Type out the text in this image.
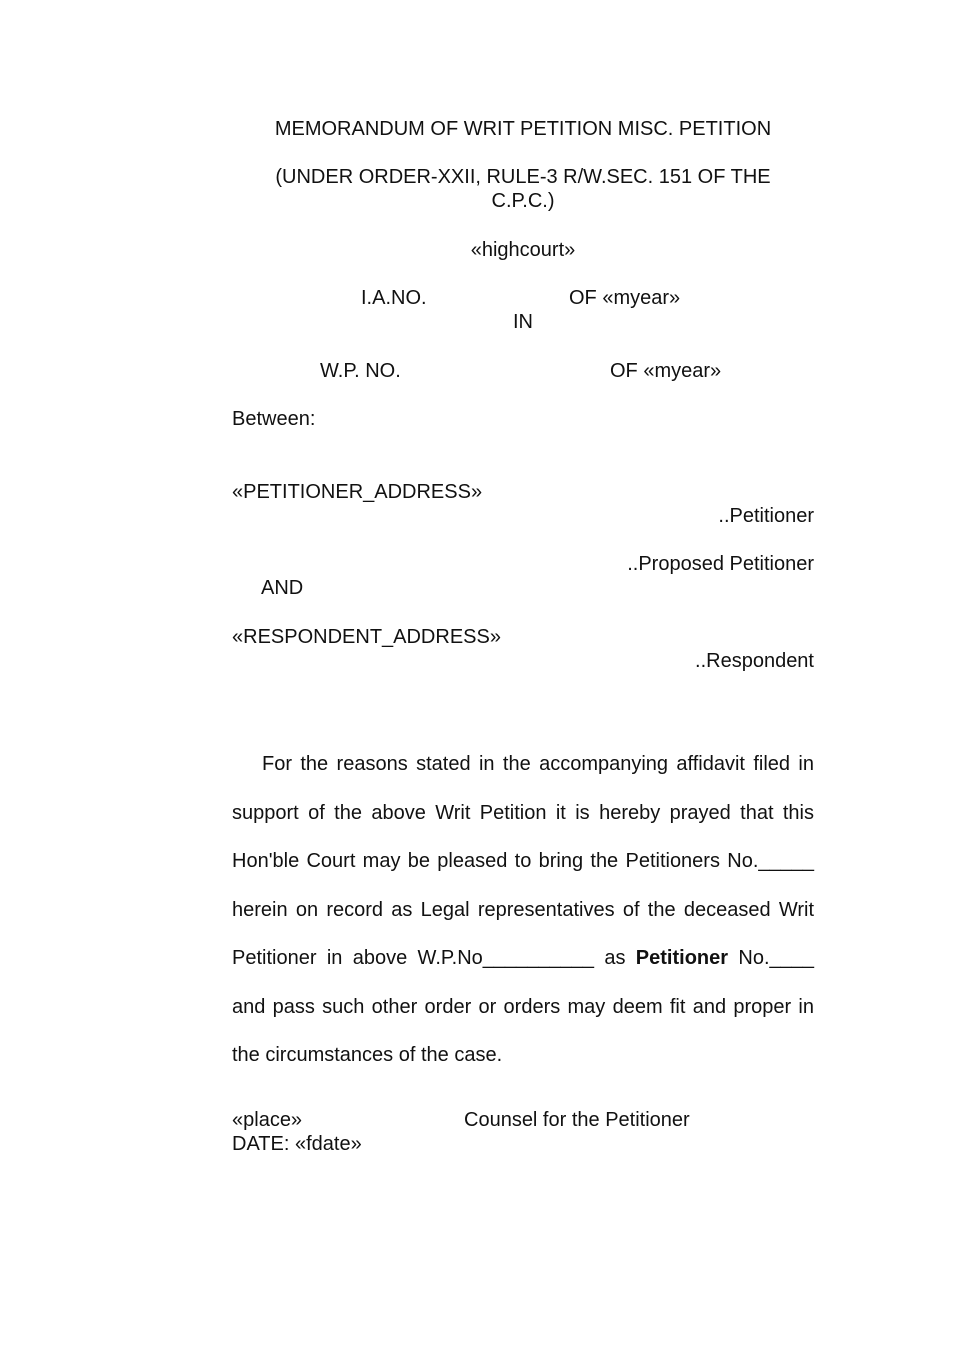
MEMORANDUM OF WRIT PETITION MISC. PETITION
(UNDER ORDER-XXII, RULE-3 R/W.SEC. 151 OF THE C.P.C.)
«highcourt»
I.A.NO.	OF «myear»
IN
W.P. NO.	OF «myear»
Between:
«PETITIONER_ADDRESS»
..Petitioner
..Proposed Petitioner
AND
«RESPONDENT_ADDRESS»
..Respondent
For the reasons stated in the accompanying affidavit filed in support of the above Writ Petition it is hereby prayed that this Hon'ble Court may be pleased to bring the Petitioners No._____ herein on record as Legal representatives of the deceased Writ Petitioner in above W.P.No__________ as Petitioner No.____ and pass such other order or orders may deem fit and proper in the circumstances of the case.
«place»	Counsel for the Petitioner
DATE: «fdate»
